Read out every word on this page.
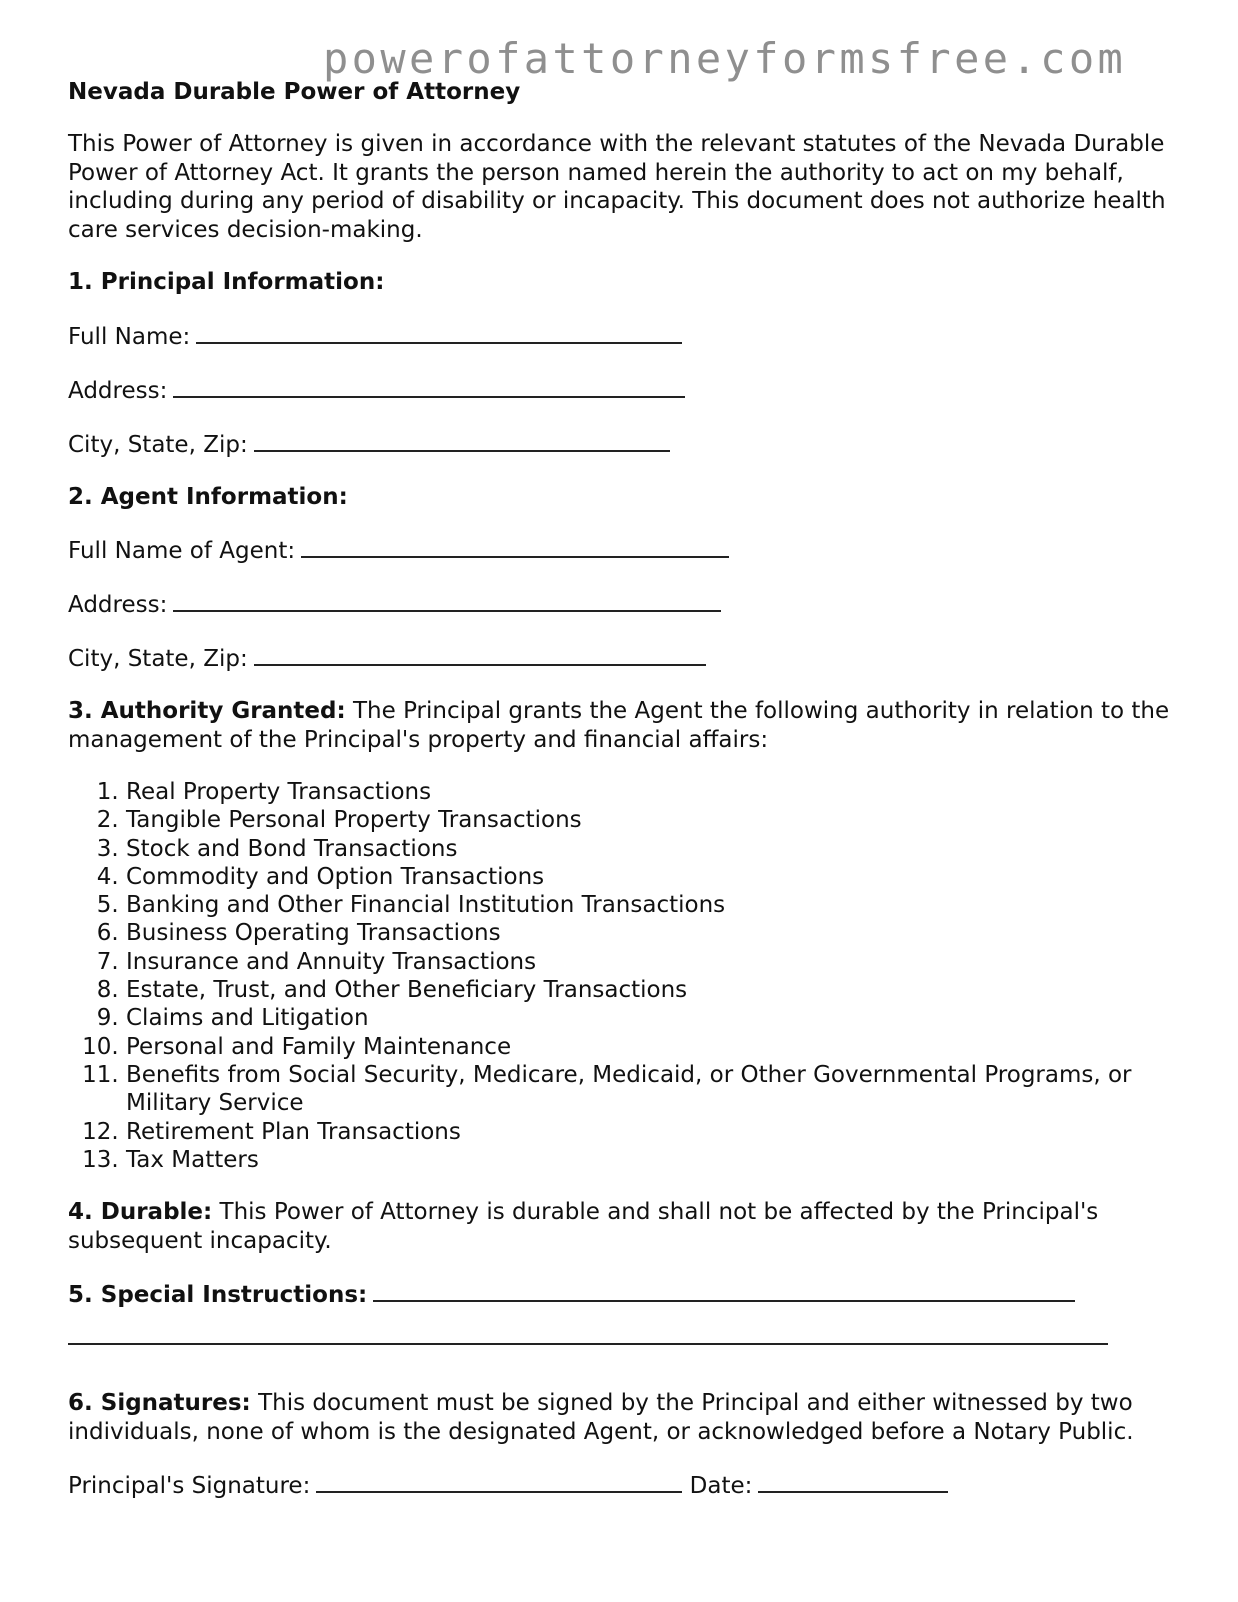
powerofattorneyformsfree.com
Nevada Durable Power of Attorney

This Power of Attorney is given in accordance with the relevant statutes of the Nevada Durable Power of Attorney Act. It grants the person named herein the authority to act on my behalf, including during any period of disability or incapacity. This document does not authorize health care services decision-making.

1. Principal Information:

Full Name:
Address:
City, State, Zip:

2. Agent Information:

Full Name of Agent:
Address:
City, State, Zip:

3. Authority Granted: The Principal grants the Agent the following authority in relation to the management of the Principal's property and financial affairs:

1. Real Property Transactions
2. Tangible Personal Property Transactions
3. Stock and Bond Transactions
4. Commodity and Option Transactions
5. Banking and Other Financial Institution Transactions
6. Business Operating Transactions
7. Insurance and Annuity Transactions
8. Estate, Trust, and Other Beneficiary Transactions
9. Claims and Litigation
10. Personal and Family Maintenance
11. Benefits from Social Security, Medicare, Medicaid, or Other Governmental Programs, or Military Service
12. Retirement Plan Transactions
13. Tax Matters

4. Durable: This Power of Attorney is durable and shall not be affected by the Principal's subsequent incapacity.

5. Special Instructions:

6. Signatures: This document must be signed by the Principal and either witnessed by two individuals, none of whom is the designated Agent, or acknowledged before a Notary Public.

Principal's Signature:	Date:
